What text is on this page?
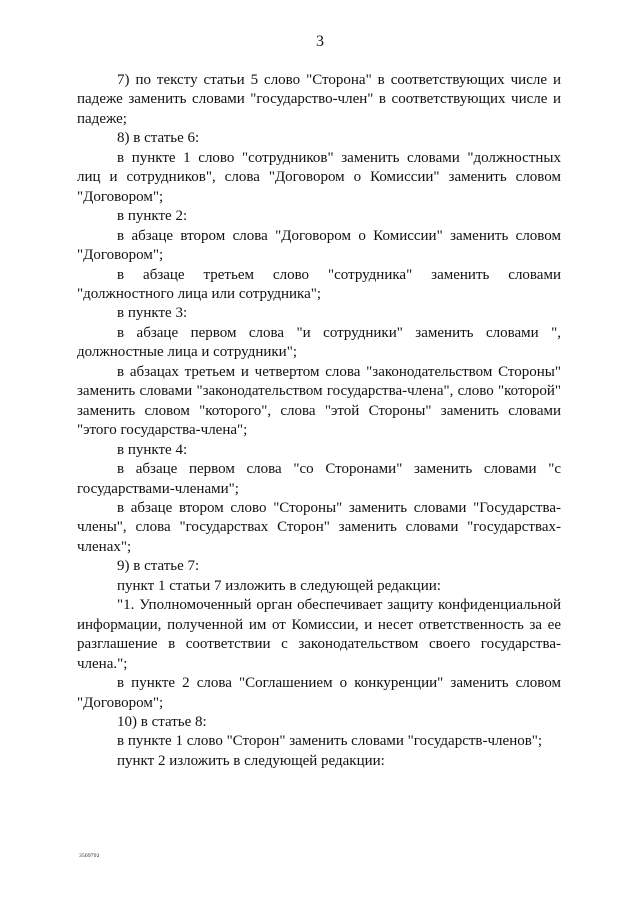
3

7) по тексту статьи 5 слово "Сторона" в соответствующих числе и падеже заменить словами "государство-член" в соответствующих числе и падеже;

8) в статье 6:

в пункте 1 слово "сотрудников" заменить словами "должностных лиц и сотрудников", слова "Договором о Комиссии" заменить словом "Договором";

в пункте 2:

в абзаце втором слова "Договором о Комиссии" заменить словом "Договором";

в абзаце третьем слово "сотрудника" заменить словами "должностного лица или сотрудника";

в пункте 3:

в абзаце первом слова "и сотрудники" заменить словами ", должностные лица и сотрудники";

в абзацах третьем и четвертом слова "законодательством Стороны" заменить словами "законодательством государства-члена", слово "которой" заменить словом "которого", слова "этой Стороны" заменить словами "этого государства-члена";

в пункте 4:

в абзаце первом слова "со Сторонами" заменить словами "с государствами-членами";

в абзаце втором слово "Стороны" заменить словами "Государства-члены", слова "государствах Сторон" заменить словами "государствах-членах";

9) в статье 7:

пункт 1 статьи 7 изложить в следующей редакции:

"1. Уполномоченный орган обеспечивает защиту конфиденциальной информации, полученной им от Комиссии, и несет ответственность за ее разглашение в соответствии с законодательством своего государства-члена.";

в пункте 2 слова "Соглашением о конкуренции" заменить словом "Договором";

10) в статье 8:

в пункте 1 слово "Сторон" заменить словами "государств-членов";

пункт 2 изложить в следующей редакции:

3509792
